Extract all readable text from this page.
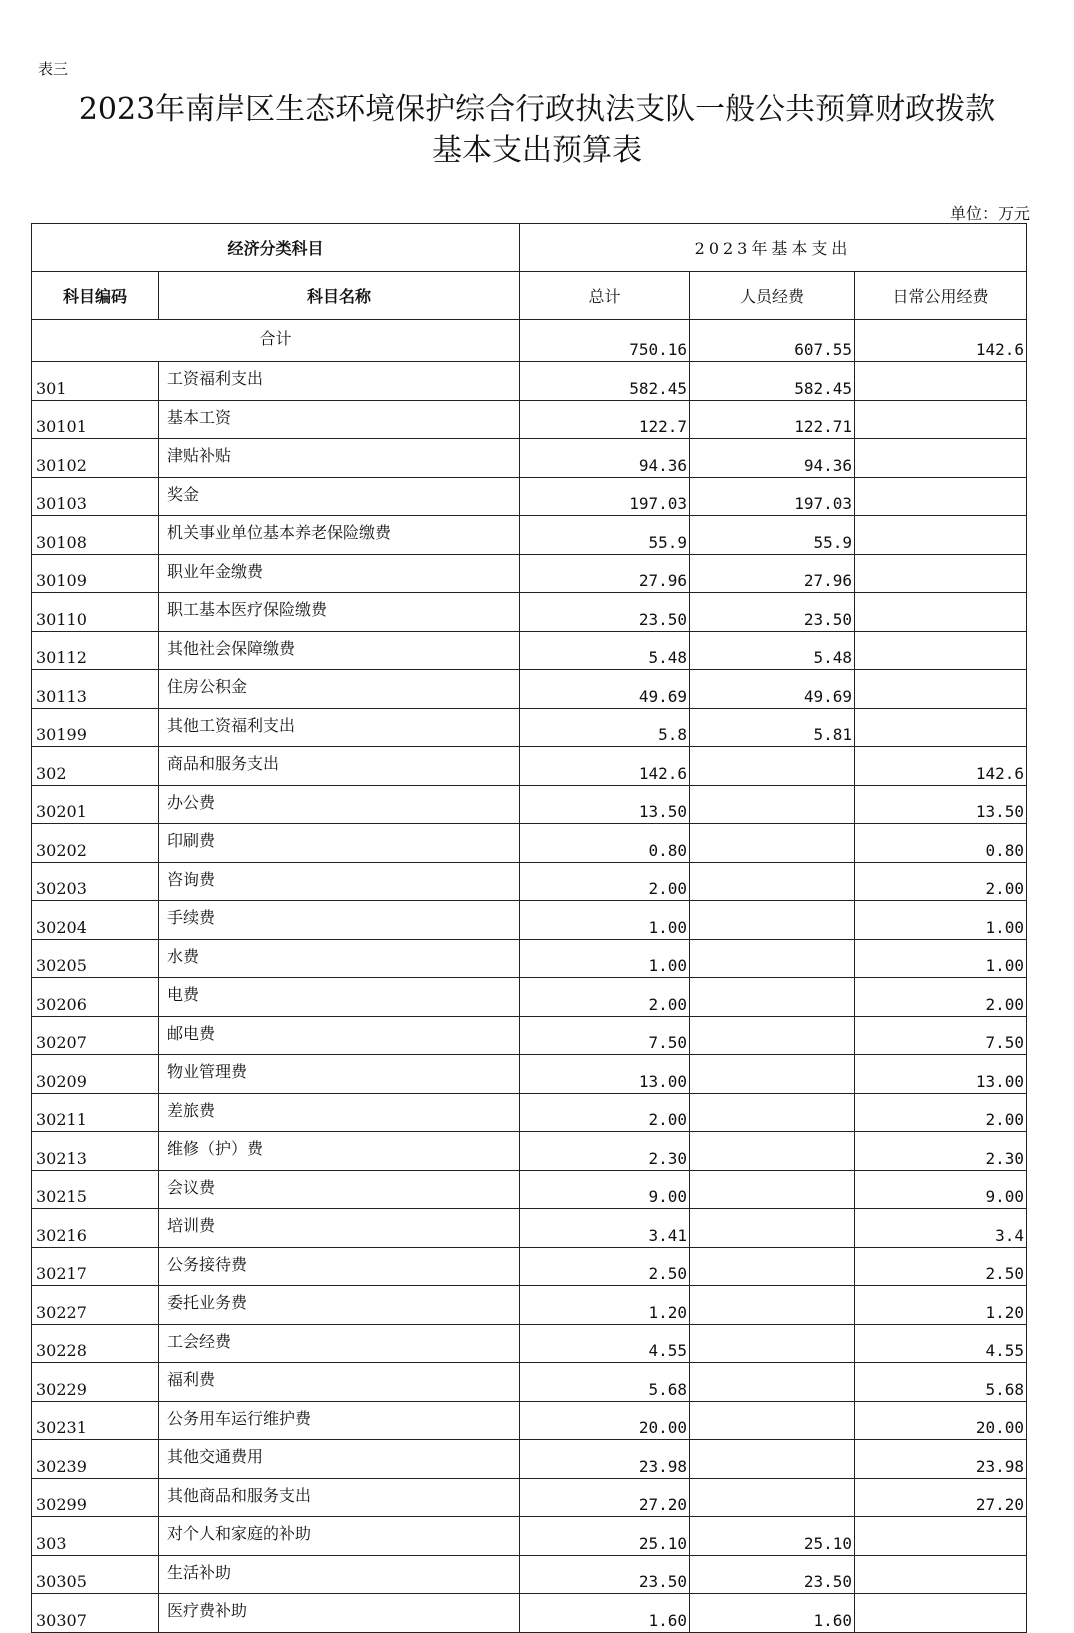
表三
2023年南岸区生态环境保护综合行政执法支队一般公共预算财政拨款
基本支出预算表
单位：万元
经济分类科目		2023年基本支出		
科目编码	科目名称	总计	人员经费	日常公用经费
合计		750.16	607.55	142.6
301	工资福利支出	582.45	582.45	
30101	基本工资	122.7	122.71	
30102	津贴补贴	94.36	94.36	
30103	奖金	197.03	197.03	
30108	机关事业单位基本养老保险缴费	55.9	55.9	
30109	职业年金缴费	27.96	27.96	
30110	职工基本医疗保险缴费	23.50	23.50	
30112	其他社会保障缴费	5.48	5.48	
30113	住房公积金	49.69	49.69	
30199	其他工资福利支出	5.8	5.81	
302	商品和服务支出	142.6		142.6
30201	办公费	13.50		13.50
30202	印刷费	0.80		0.80
30203	咨询费	2.00		2.00
30204	手续费	1.00		1.00
30205	水费	1.00		1.00
30206	电费	2.00		2.00
30207	邮电费	7.50		7.50
30209	物业管理费	13.00		13.00
30211	差旅费	2.00		2.00
30213	维修（护）费	2.30		2.30
30215	会议费	9.00		9.00
30216	培训费	3.41		3.4
30217	公务接待费	2.50		2.50
30227	委托业务费	1.20		1.20
30228	工会经费	4.55		4.55
30229	福利费	5.68		5.68
30231	公务用车运行维护费	20.00		20.00
30239	其他交通费用	23.98		23.98
30299	其他商品和服务支出	27.20		27.20
303	对个人和家庭的补助	25.10	25.10	
30305	生活补助	23.50	23.50	
30307	医疗费补助	1.60	1.60	
